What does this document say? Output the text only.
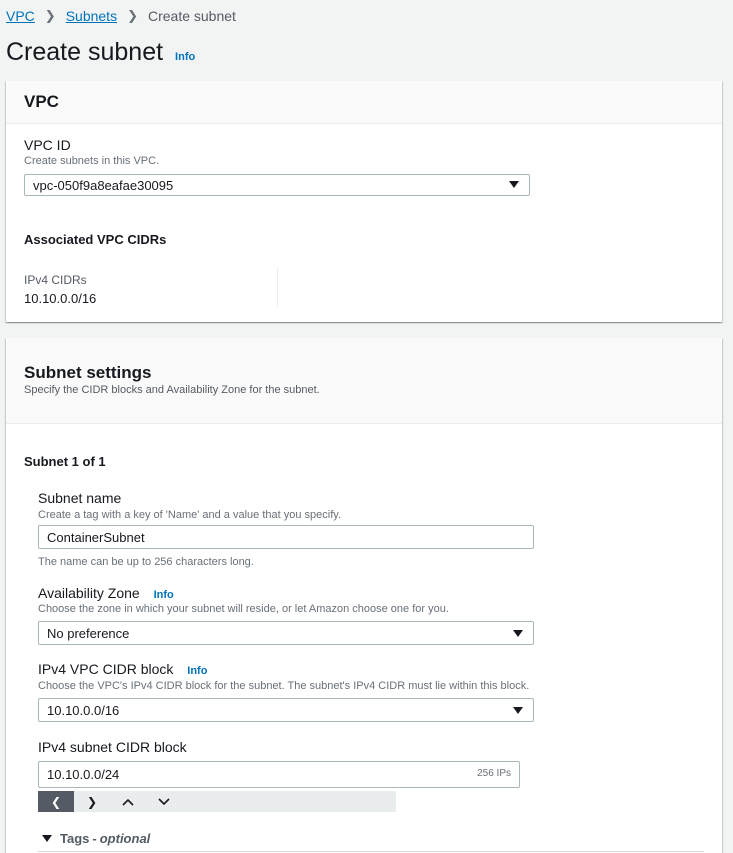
VPC ❯ Subnets ❯ Create subnet
Create subnet Info
VPC
VPC ID
Create subnets in this VPC.
vpc-050f9a8eafae30095
Associated VPC CIDRs
IPv4 CIDRs
10.10.0.0/16
Subnet settings
Specify the CIDR blocks and Availability Zone for the subnet.
Subnet 1 of 1
Subnet name
Create a tag with a key of 'Name' and a value that you specify.
ContainerSubnet
The name can be up to 256 characters long.
Availability Zone Info
Choose the zone in which your subnet will reside, or let Amazon choose one for you.
No preference
IPv4 VPC CIDR block Info
Choose the VPC's IPv4 CIDR block for the subnet. The subnet's IPv4 CIDR must lie within this block.
10.10.0.0/16
IPv4 subnet CIDR block
10.10.0.0/24	256 IPs
❮	❯
Tags - optional
